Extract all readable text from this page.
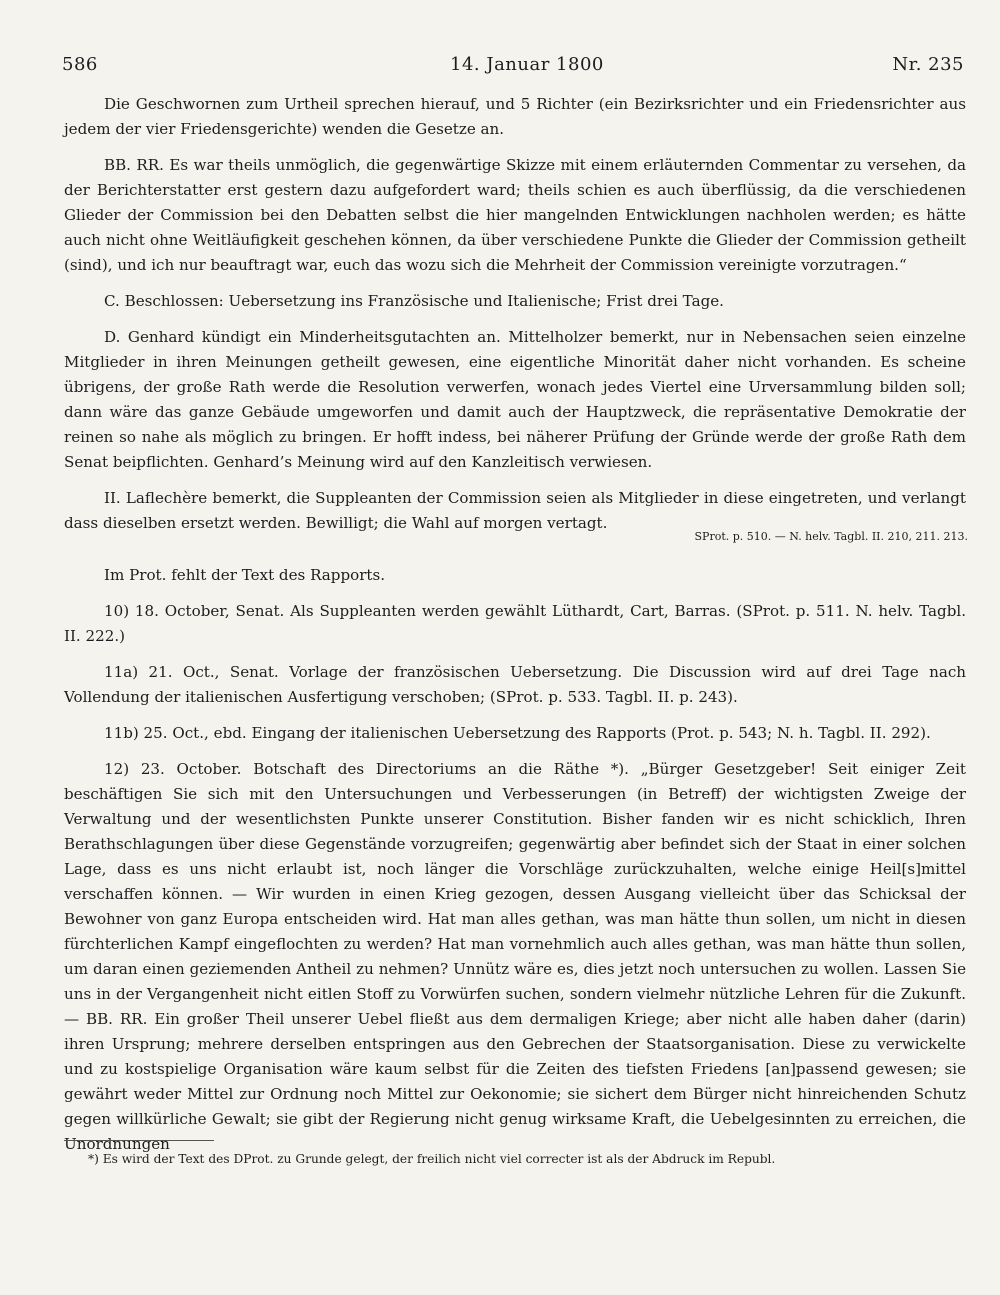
586	14. Januar 1800	Nr. 235

Die Geschwornen zum Urtheil sprechen hierauf, und 5 Richter (ein Bezirksrichter und ein Friedensrichter aus jedem der vier Friedensgerichte) wenden die Gesetze an.

BB. RR. Es war theils unmöglich, die gegenwärtige Skizze mit einem erläuternden Commentar zu versehen, da der Berichterstatter erst gestern dazu aufgefordert ward; theils schien es auch überflüssig, da die verschiedenen Glieder der Commission bei den Debatten selbst die hier mangelnden Entwicklungen nachholen werden; es hätte auch nicht ohne Weitläufigkeit geschehen können, da über verschiedene Punkte die Glieder der Commission getheilt (sind), und ich nur beauftragt war, euch das wozu sich die Mehrheit der Commission vereinigte vorzutragen.“

C. Beschlossen: Uebersetzung ins Französische und Italienische; Frist drei Tage.

D. Genhard kündigt ein Minderheitsgutachten an. Mittelholzer bemerkt, nur in Nebensachen seien einzelne Mitglieder in ihren Meinungen getheilt gewesen, eine eigentliche Minorität daher nicht vorhanden. Es scheine übrigens, der große Rath werde die Resolution verwerfen, wonach jedes Viertel eine Urversammlung bilden soll; dann wäre das ganze Gebäude umgeworfen und damit auch der Hauptzweck, die repräsentative Demokratie der reinen so nahe als möglich zu bringen. Er hofft indess, bei näherer Prüfung der Gründe werde der große Rath dem Senat beipflichten. Genhard’s Meinung wird auf den Kanzleitisch verwiesen.

II. Laflechère bemerkt, die Suppleanten der Commission seien als Mitglieder in diese eingetreten, und verlangt dass dieselben ersetzt werden. Bewilligt; die Wahl auf morgen vertagt.

Im Prot. fehlt der Text des Rapports.

10) 18. October, Senat. Als Suppleanten werden gewählt Lüthardt, Cart, Barras. (SProt. p. 511. N. helv. Tagbl. II. 222.)

11a) 21. Oct., Senat. Vorlage der französischen Uebersetzung. Die Discussion wird auf drei Tage nach Vollendung der italienischen Ausfertigung verschoben; (SProt. p. 533. Tagbl. II. p. 243).

11b) 25. Oct., ebd. Eingang der italienischen Uebersetzung des Rapports (Prot. p. 543; N. h. Tagbl. II. 292).

12) 23. October. Botschaft des Directoriums an die Räthe *). „Bürger Gesetzgeber! Seit einiger Zeit beschäftigen Sie sich mit den Untersuchungen und Verbesserungen (in Betreff) der wichtigsten Zweige der Verwaltung und der wesentlichsten Punkte unserer Constitution. Bisher fanden wir es nicht schicklich, Ihren Berathschlagungen über diese Gegenstände vorzugreifen; gegenwärtig aber befindet sich der Staat in einer solchen Lage, dass es uns nicht erlaubt ist, noch länger die Vorschläge zurückzuhalten, welche einige Heil[s]mittel verschaffen können. — Wir wurden in einen Krieg gezogen, dessen Ausgang vielleicht über das Schicksal der Bewohner von ganz Europa entscheiden wird. Hat man alles gethan, was man hätte thun sollen, um nicht in diesen fürchterlichen Kampf eingeflochten zu werden? Hat man vornehmlich auch alles gethan, was man hätte thun sollen, um daran einen geziemenden Antheil zu nehmen? Unnütz wäre es, dies jetzt noch untersuchen zu wollen. Lassen Sie uns in der Vergangenheit nicht eitlen Stoff zu Vorwürfen suchen, sondern vielmehr nützliche Lehren für die Zukunft. — BB. RR. Ein großer Theil unserer Uebel fließt aus dem dermaligen Kriege; aber nicht alle haben daher (darin) ihren Ursprung; mehrere derselben entspringen aus den Gebrechen der Staatsorganisation. Diese zu verwickelte und zu kostspielige Organisation wäre kaum selbst für die Zeiten des tiefsten Friedens [an]passend gewesen; sie gewährt weder Mittel zur Ordnung noch Mittel zur Oekonomie; sie sichert dem Bürger nicht hinreichenden Schutz gegen willkürliche Gewalt; sie gibt der Regierung nicht genug wirksame Kraft, die Uebelgesinnten zu erreichen, die Unordnungen

SProt. p. 510. — N. helv. Tagbl. II. 210, 211. 213.
*) Es wird der Text des DProt. zu Grunde gelegt, der freilich nicht viel correcter ist als der Abdruck im Republ.
